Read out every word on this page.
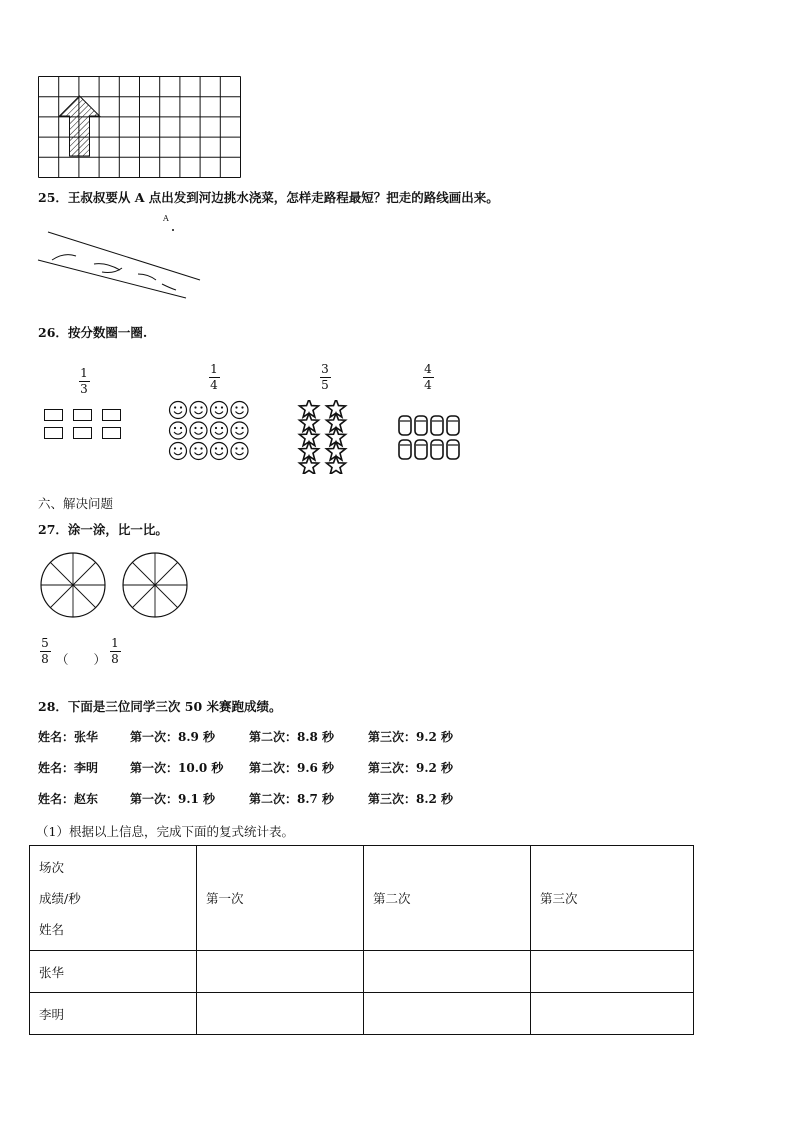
25．王叔叔要从 A 点出发到河边挑水浇菜，怎样走路程最短？把走的路线画出来。
A
26．按分数圈一圈.
1
3
1
4
3
5
4
4
六、解决问题
27．涂一涂，比一比。
5
8 （　　）
1
8
28．下面是三位同学三次 50 米赛跑成绩。
姓名：张华	第一次：8.9 秒	第二次：8.8 秒	第三次：9.2 秒
姓名：李明	第一次：10.0 秒 第二次：9.6 秒	第三次：9.2 秒
姓名：赵东	第一次：9.1 秒	第二次：8.7 秒	第三次：8.2 秒
（1）根据以上信息，完成下面的复式统计表。
场次
成绩/秒
姓名	第一次	第二次	第三次
张华			
李明			
